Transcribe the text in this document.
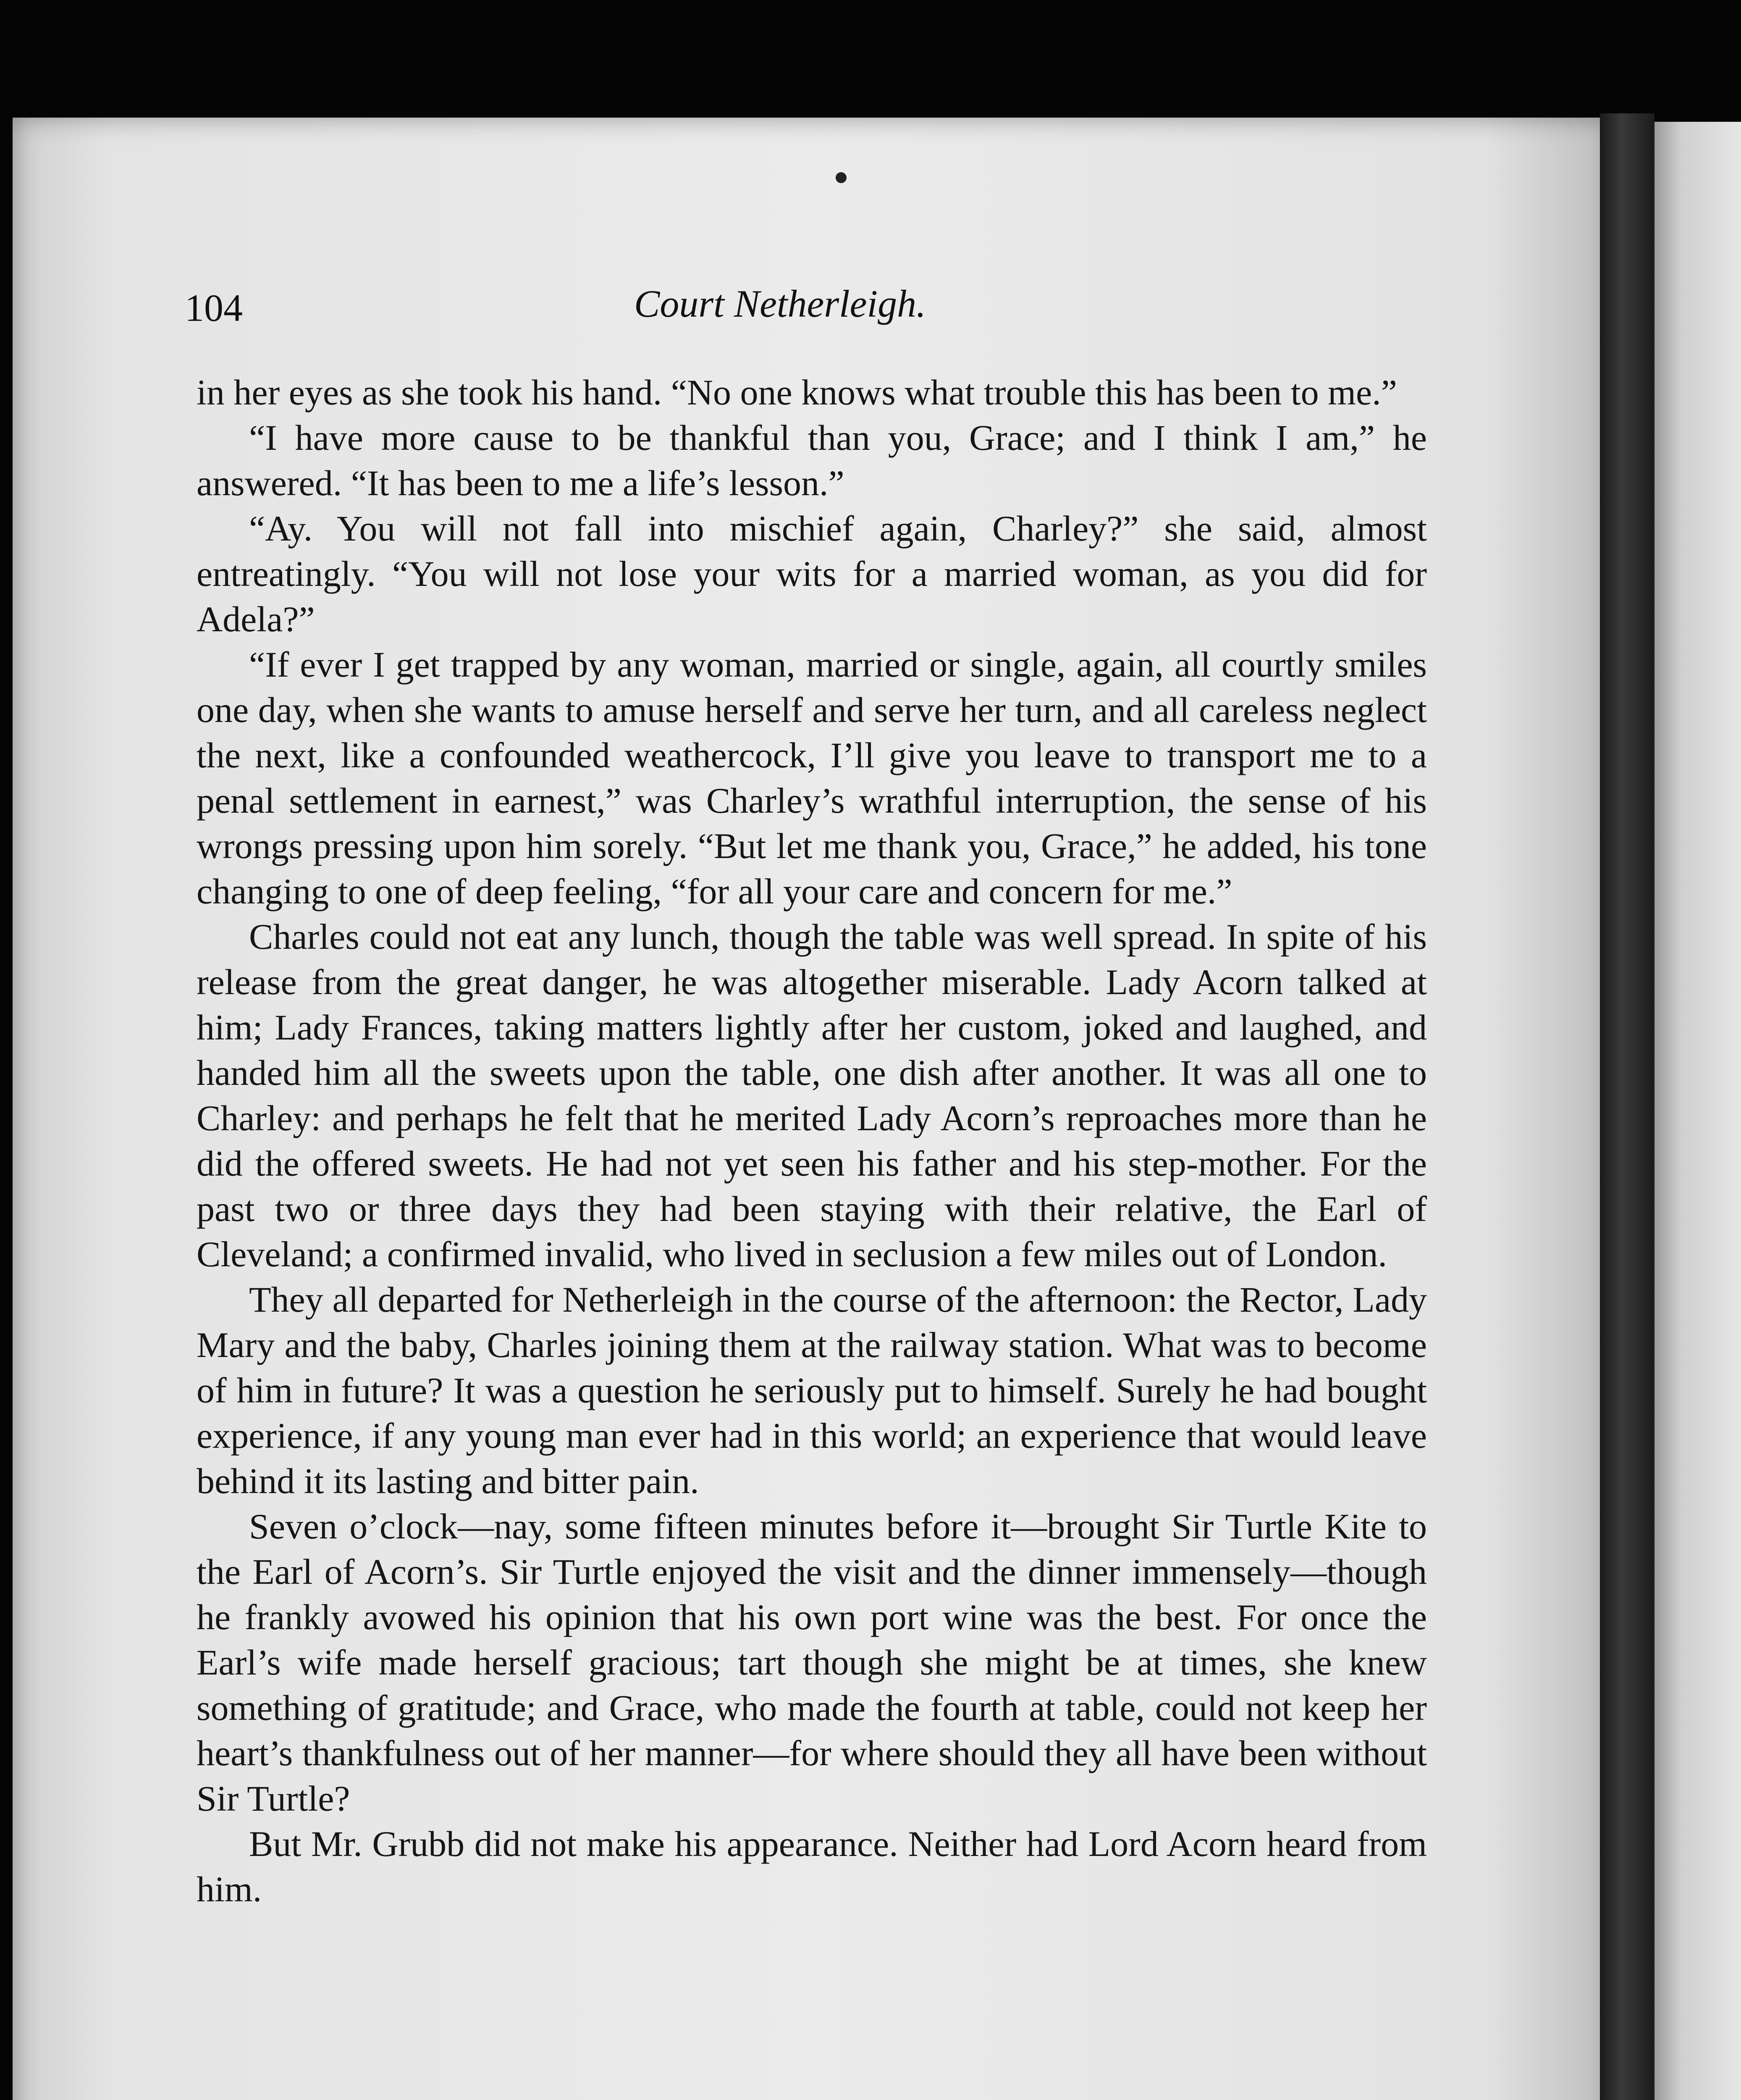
104	Court Netherleigh.

in her eyes as she took his hand. “No one knows what trouble this has been to me.”

“I have more cause to be thankful than you, Grace; and I think I am,” he answered. “It has been to me a life’s lesson.”

“Ay. You will not fall into mischief again, Charley?” she said, almost entreatingly. “You will not lose your wits for a married woman, as you did for Adela?”

“If ever I get trapped by any woman, married or single, again, all courtly smiles one day, when she wants to amuse herself and serve her turn, and all careless neglect the next, like a confounded weathercock, I’ll give you leave to transport me to a penal settlement in earnest,” was Charley’s wrathful interruption, the sense of his wrongs pressing upon him sorely. “But let me thank you, Grace,” he added, his tone changing to one of deep feeling, “for all your care and concern for me.”

Charles could not eat any lunch, though the table was well spread. In spite of his release from the great danger, he was altogether miserable. Lady Acorn talked at him; Lady Frances, taking matters lightly after her custom, joked and laughed, and handed him all the sweets upon the table, one dish after another. It was all one to Charley: and perhaps he felt that he merited Lady Acorn’s reproaches more than he did the offered sweets. He had not yet seen his father and his step-mother. For the past two or three days they had been staying with their relative, the Earl of Cleveland; a confirmed invalid, who lived in seclusion a few miles out of London.

They all departed for Netherleigh in the course of the afternoon: the Rector, Lady Mary and the baby, Charles joining them at the railway station. What was to become of him in future? It was a question he seriously put to himself. Surely he had bought experience, if any young man ever had in this world; an experience that would leave behind it its lasting and bitter pain.

Seven o’clock—nay, some fifteen minutes before it—brought Sir Turtle Kite to the Earl of Acorn’s. Sir Turtle enjoyed the visit and the dinner immensely—though he frankly avowed his opinion that his own port wine was the best. For once the Earl’s wife made herself gracious; tart though she might be at times, she knew something of gratitude; and Grace, who made the fourth at table, could not keep her heart’s thankfulness out of her manner—for where should they all have been without Sir Turtle?

But Mr. Grubb did not make his appearance. Neither had Lord Acorn heard from him.
